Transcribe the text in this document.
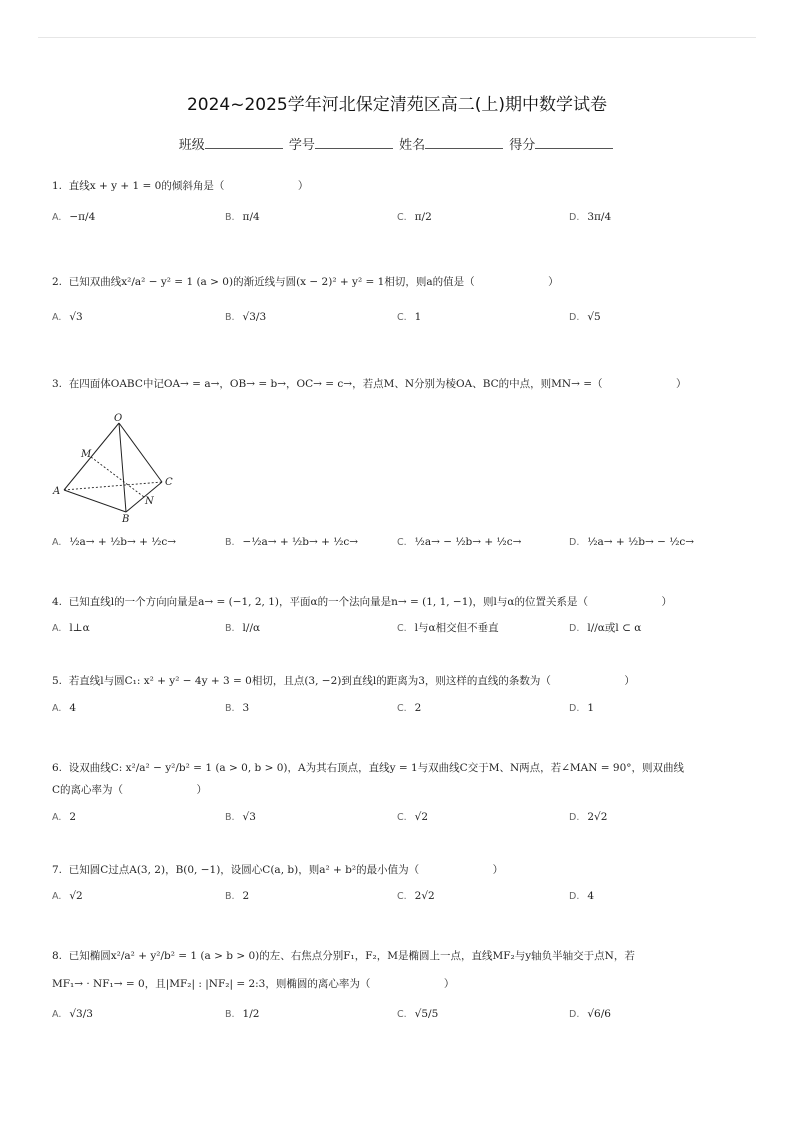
2024~2025学年河北保定清苑区高二(上)期中数学试卷
班级	学号	姓名	得分
1. 直线x + y + 1 = 0的倾斜角是（　　　　　　　）
A. −π/4	B. π/4	C. π/2	D. 3π/4
2. 已知双曲线x²/a² − y² = 1 (a > 0)的渐近线与圆(x − 2)² + y² = 1相切，则a的值是（　　　　　　　）
A. √3	B. √3/3	C. 1	D. √5
3. 在四面体OABC中记OA→ = a→，OB→ = b→，OC→ = c→，若点M、N分别为棱OA、BC的中点，则MN→ =（　　　　　　　）
O
M
A
C
N
B
A. ½a→ + ½b→ + ½c→	B. −½a→ + ½b→ + ½c→	C. ½a→ − ½b→ + ½c→	D. ½a→ + ½b→ − ½c→
4. 已知直线l的一个方向向量是a→ = (−1, 2, 1)，平面α的一个法向量是n→ = (1, 1, −1)，则l与α的位置关系是（　　　　　　　）
A. l⊥α	B. l//α	C. l与α相交但不垂直	D. l//α或l ⊂ α
5. 若直线l与圆C₁: x² + y² − 4y + 3 = 0相切，且点(3, −2)到直线l的距离为3，则这样的直线的条数为（　　　　　　　）
A. 4	B. 3	C. 2	D. 1
6. 设双曲线C: x²/a² − y²/b² = 1 (a > 0, b > 0)，A为其右顶点，直线y = 1与双曲线C交于M、N两点，若∠MAN = 90°，则双曲线
C的离心率为（　　　　　　　）
A. 2	B. √3	C. √2	D. 2√2
7. 已知圆C过点A(3, 2)，B(0, −1)，设圆心C(a, b)，则a² + b²的最小值为（　　　　　　　）
A. √2	B. 2	C. 2√2	D. 4
8. 已知椭圆x²/a² + y²/b² = 1 (a > b > 0)的左、右焦点分别F₁，F₂，M是椭圆上一点，直线MF₂与y轴负半轴交于点N，若
MF₁→ · NF₁→ = 0，且|MF₂| : |NF₂| = 2:3，则椭圆的离心率为（　　　　　　　）
A. √3/3	B. 1/2	C. √5/5	D. √6/6
